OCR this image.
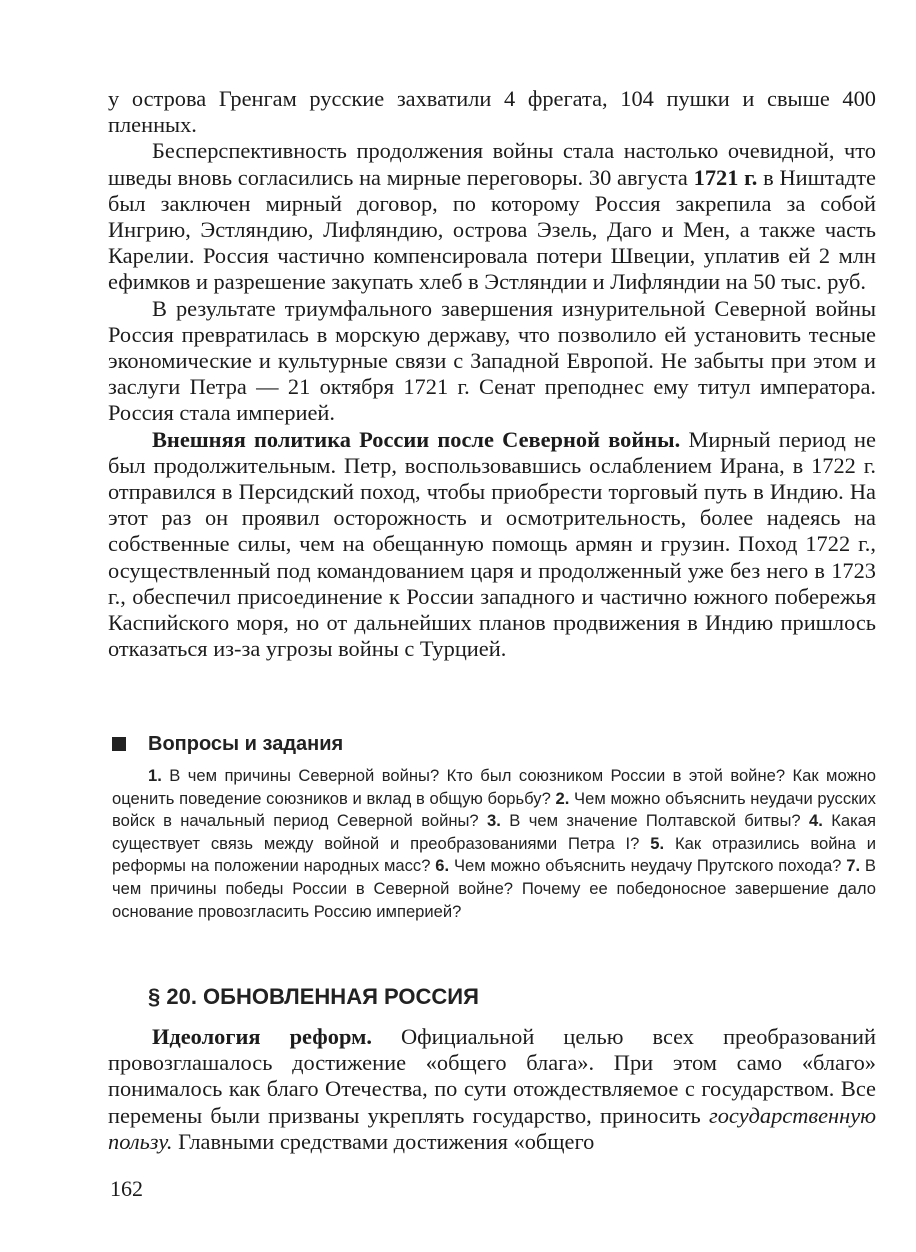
у острова Гренгам русские захватили 4 фрегата, 104 пушки и свыше 400 пленных.

Бесперспективность продолжения войны стала настолько очевидной, что шведы вновь согласились на мирные переговоры. 30 августа 1721 г. в Ништадте был заключен мирный договор, по которому Россия закрепила за собой Ингрию, Эстляндию, Лифляндию, острова Эзель, Даго и Мен, а также часть Карелии. Россия частично компенсировала потери Швеции, уплатив ей 2 млн ефимков и разрешение закупать хлеб в Эстляндии и Лифляндии на 50 тыс. руб.

В результате триумфального завершения изнурительной Северной войны Россия превратилась в морскую державу, что позволило ей установить тесные экономические и культурные связи с Западной Европой. Не забыты при этом и заслуги Петра — 21 октября 1721 г. Сенат преподнес ему титул императора. Россия стала империей.

Внешняя политика России после Северной войны. Мирный период не был продолжительным. Петр, воспользовавшись ослаблением Ирана, в 1722 г. отправился в Персидский поход, чтобы приобрести торговый путь в Индию. На этот раз он проявил осторожность и осмотрительность, более надеясь на собственные силы, чем на обещанную помощь армян и грузин. Поход 1722 г., осуществленный под командованием царя и продолженный уже без него в 1723 г., обеспечил присоединение к России западного и частично южного побережья Каспийского моря, но от дальнейших планов продвижения в Индию пришлось отказаться из-за угрозы войны с Турцией.

Вопросы и задания

1. В чем причины Северной войны? Кто был союзником России в этой войне? Как можно оценить поведение союзников и вклад в общую борьбу? 2. Чем можно объяснить неудачи русских войск в начальный период Северной войны? 3. В чем значение Полтавской битвы? 4. Какая существует связь между войной и преобразованиями Петра I? 5. Как отразились война и реформы на положении народных масс? 6. Чем можно объяснить неудачу Прутского похода? 7. В чем причины победы России в Северной войне? Почему ее победоносное завершение дало основание провозгласить Россию империей?

§ 20. ОБНОВЛЕННАЯ РОССИЯ

Идеология реформ. Официальной целью всех преобразований провозглашалось достижение «общего блага». При этом само «благо» понималось как благо Отечества, по сути отождествляемое с государством. Все перемены были призваны укреплять государство, приносить государственную пользу. Главными средствами достижения «общего

162
